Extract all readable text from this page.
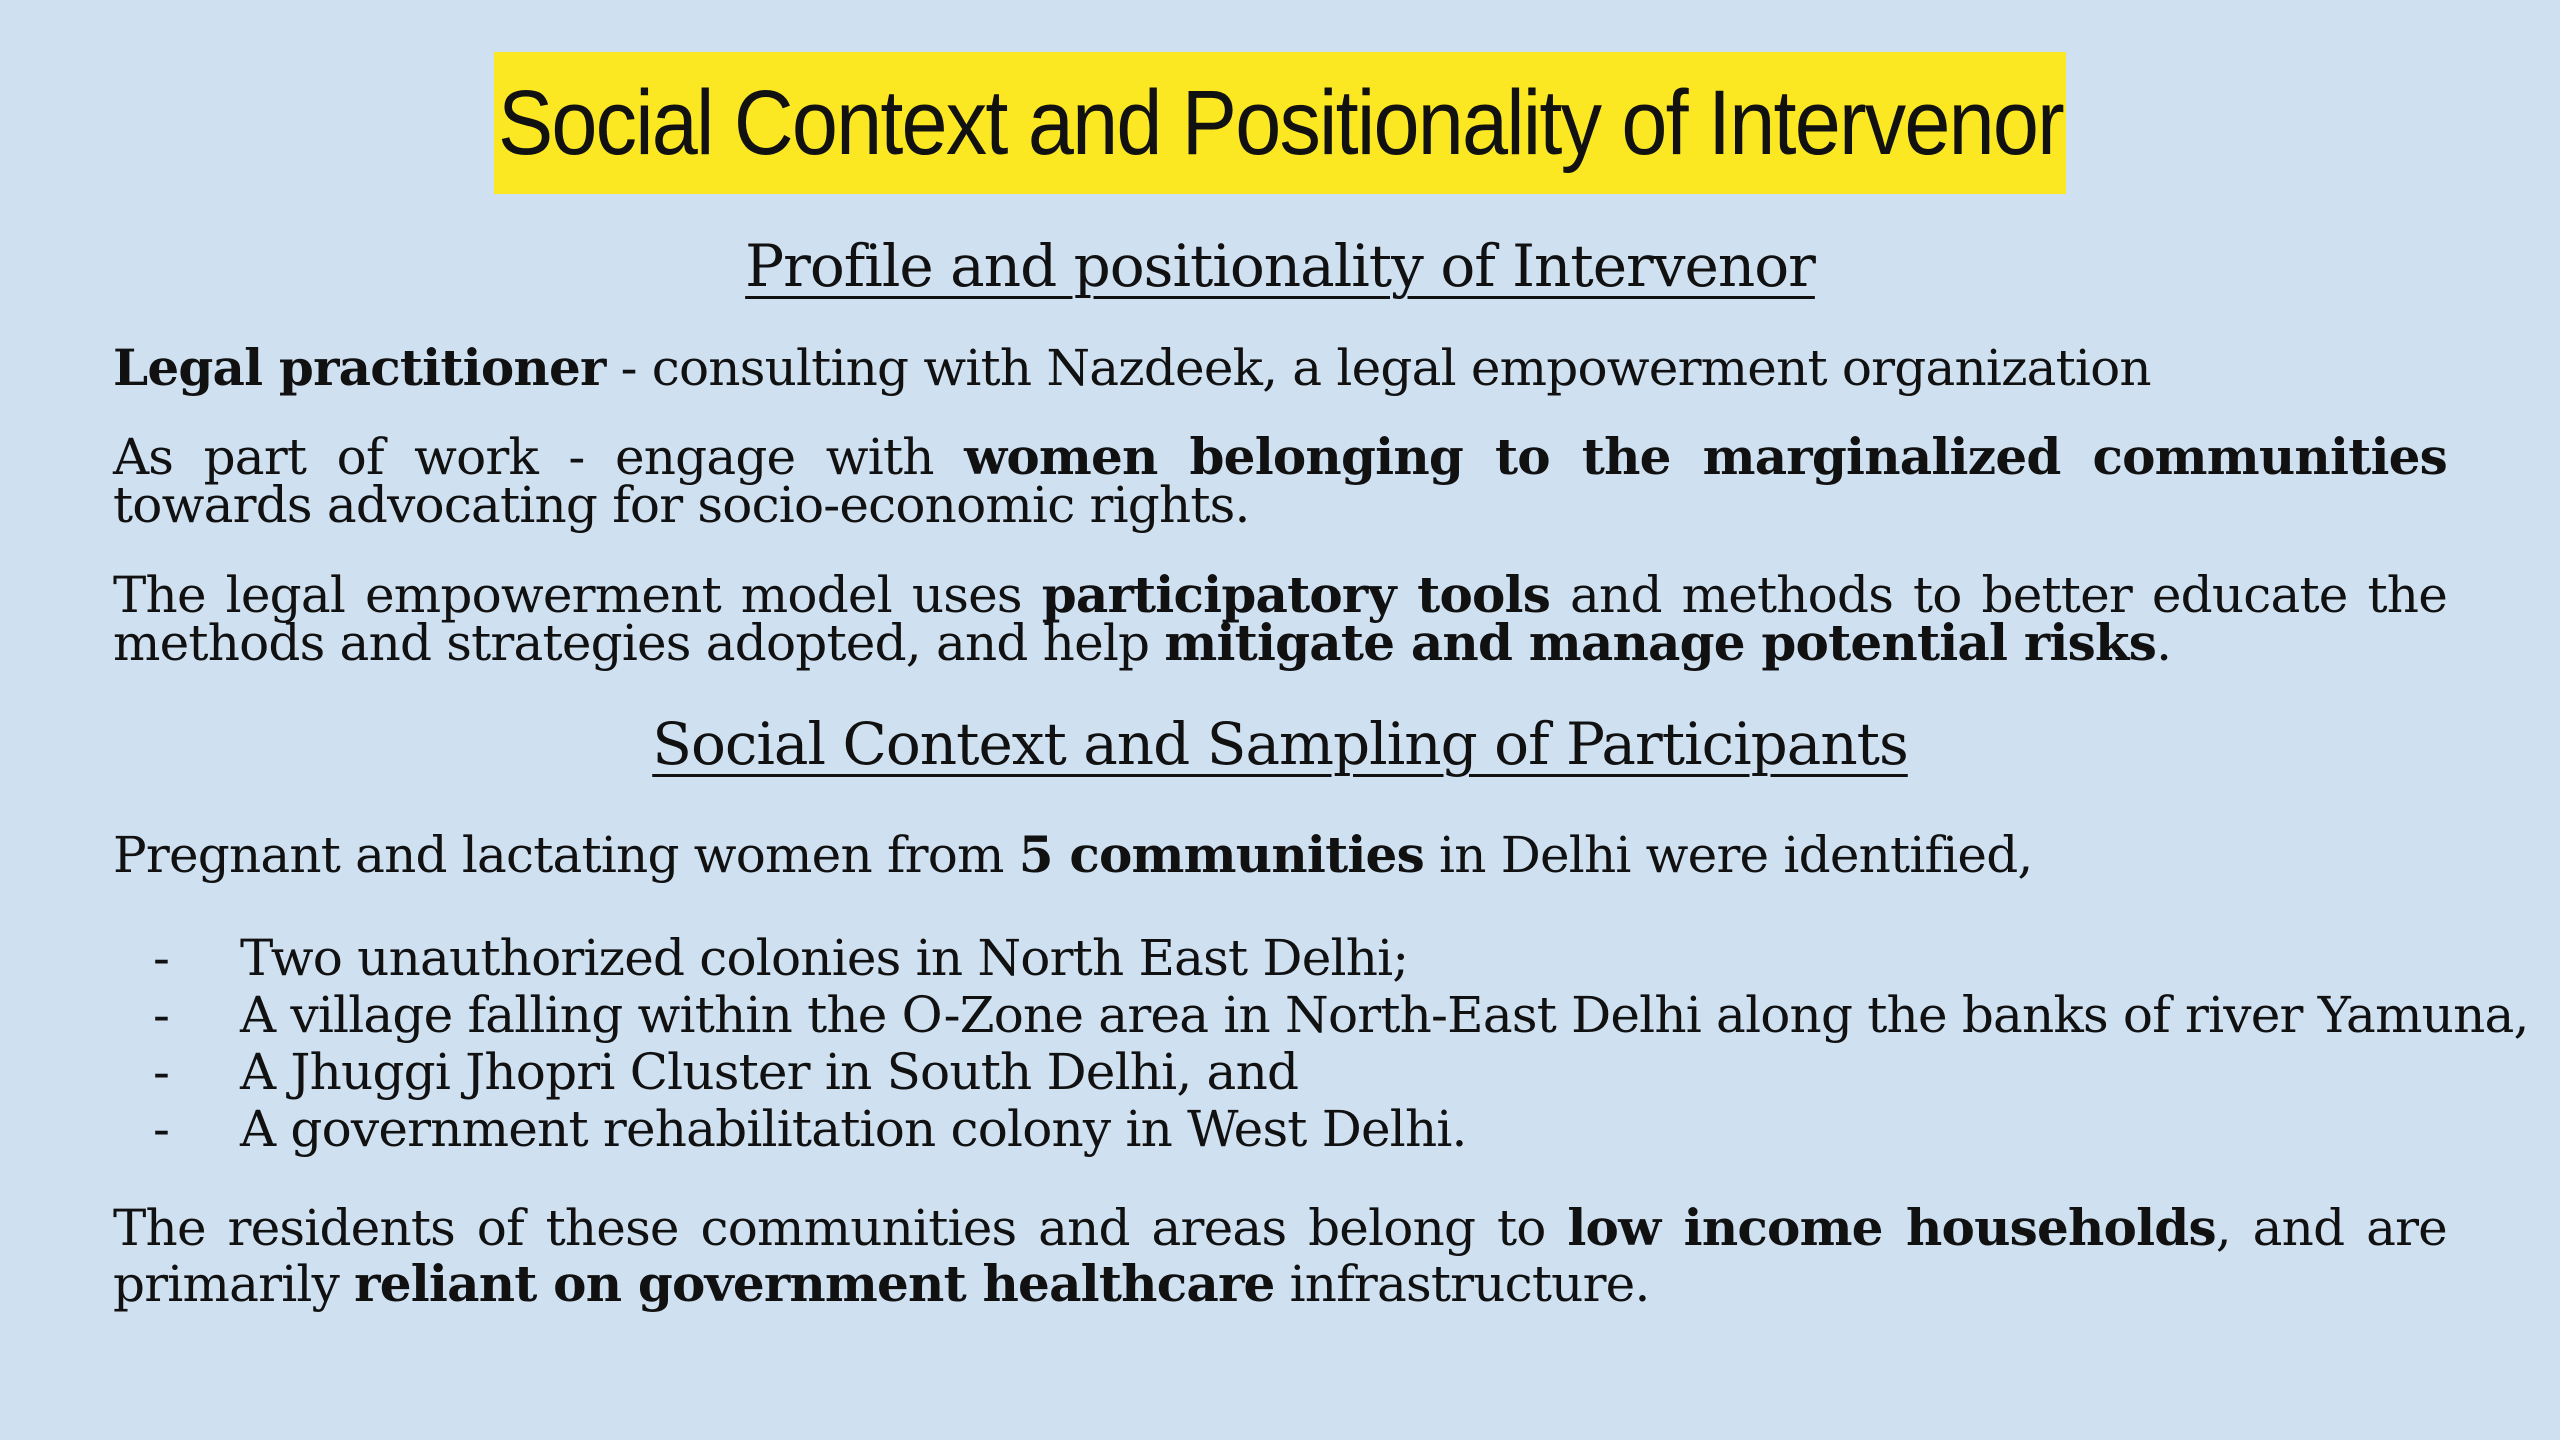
Social Context and Positionality of Intervenor
Profile and positionality of Intervenor
Legal practitioner - consulting with Nazdeek, a legal empowerment organization
As part of work - engage with women belonging to the marginalized communities towards advocating for socio-economic rights.
The legal empowerment model uses participatory tools and methods to better educate the methods and strategies adopted, and help mitigate and manage potential risks.
Social Context and Sampling of Participants
Pregnant and lactating women from 5 communities in Delhi were identified,
- Two unauthorized colonies in North East Delhi;
- A village falling within the O-Zone area in North-East Delhi along the banks of river Yamuna,
- A Jhuggi Jhopri Cluster in South Delhi, and
- A government rehabilitation colony in West Delhi.
The residents of these communities and areas belong to low income households, and are primarily reliant on government healthcare infrastructure.
